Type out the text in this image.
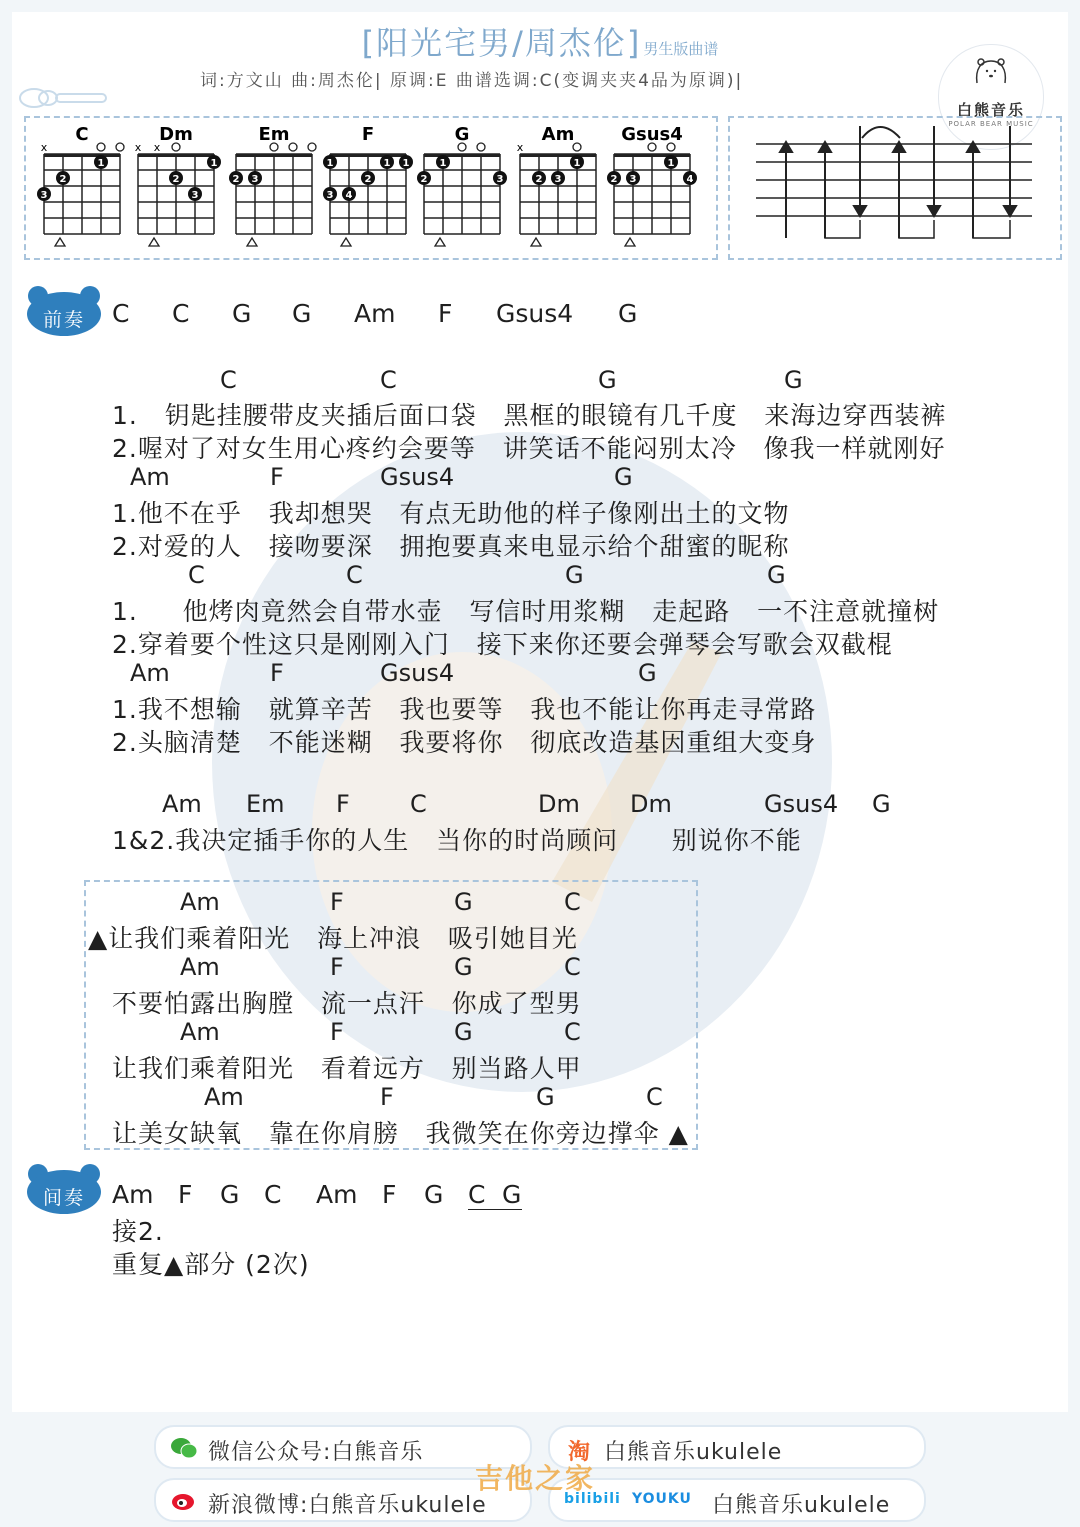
[阳光宅男/周杰伦] 男生版曲谱
词:方文山 曲:周杰伦| 原调:E 曲谱选调:C(变调夹夹4品为原调)|
白熊音乐
POLAR BEAR MUSIC
C
x
3
2
1
Dm
x x
2
3
1
Em
2 3
F
1
2
3 4
1 1
G
1
2	3
Am
x
2 3
1
Gsus4
2 3
1
4
前奏
1.   钥匙挂腰带皮夹插后面口袋   黑框的眼镜有几千度   来海边穿西装裤
2.喔对了对女生用心疼约会要等   讲笑话不能闷别太冷   像我一样就刚好
1.他不在乎   我却想哭   有点无助他的样子像刚出土的文物
2.对爱的人   接吻要深   拥抱要真来电显示给个甜蜜的昵称
1.     他烤肉竟然会自带水壶   写信时用浆糊   走起路   一不注意就撞树
2.穿着要个性这只是刚刚入门   接下来你还要会弹琴会写歌会双截棍
1.我不想输   就算辛苦   我也要等   我也不能让你再走寻常路
2.头脑清楚   不能迷糊   我要将你   彻底改造基因重组大变身
1&2.我决定插手你的人生   当你的时尚顾问      别说你不能
▲让我们乘着阳光   海上冲浪   吸引她目光
不要怕露出胸膛   流一点汗   你成了型男
让我们乘着阳光   看着远方   别当路人甲
让美女缺氧   靠在你肩膀   我微笑在你旁边撑伞 ▲
间奏
接2.
重复▲部分 (2次)
微信公众号:白熊音乐	淘 白熊音乐ukulele
新浪微博:白熊音乐ukulele	bilibili YOUKU 白熊音乐ukulele
吉他之家
C C G G Am F Gsus4 G
C	C	G	G
Am	F	Gsus4	G
C	C	G	G
Am	F	Gsus4	G
Am Em F	C	Dm Dm	Gsus4 G
Am	F	G	C
Am	F	G	C
Am	F	G	C
Am	F	G	C
Am F G C Am F G C G
